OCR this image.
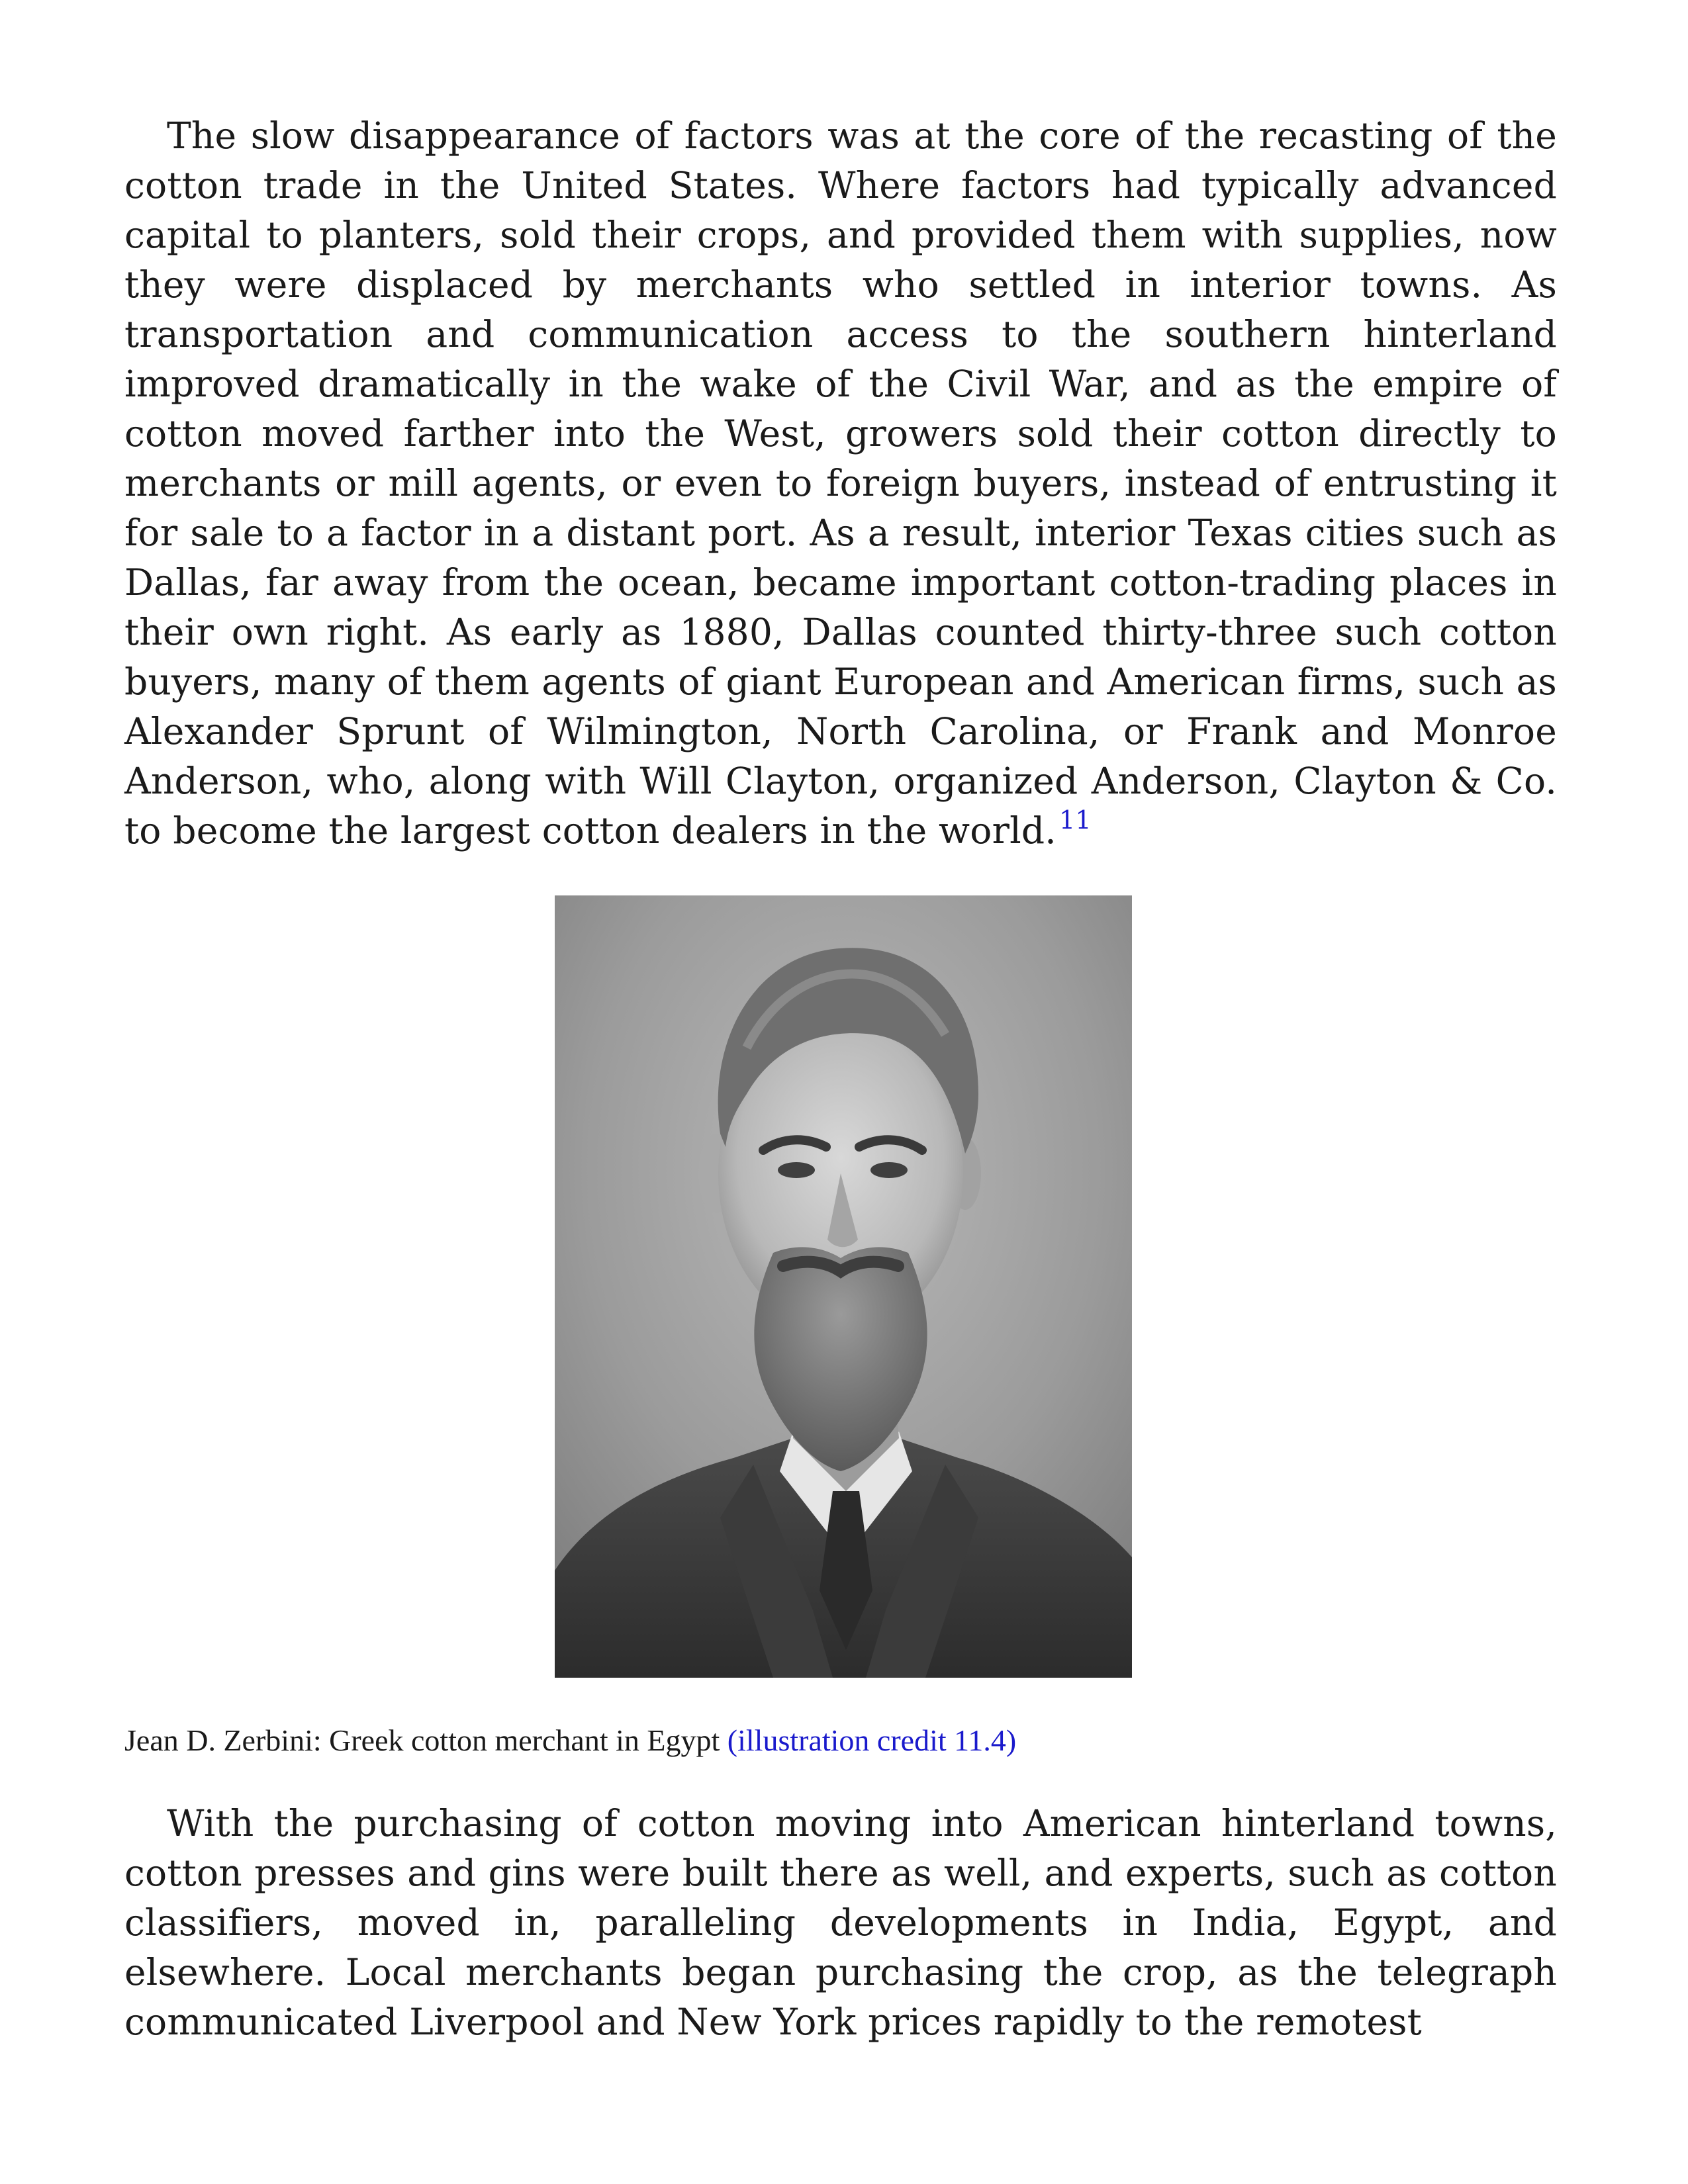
The slow disappearance of factors was at the core of the recasting of the cotton trade in the United States. Where factors had typically advanced capital to planters, sold their crops, and provided them with supplies, now they were displaced by merchants who settled in interior towns. As transportation and communication access to the southern hinterland improved dramatically in the wake of the Civil War, and as the empire of cotton moved farther into the West, growers sold their cotton directly to merchants or mill agents, or even to foreign buyers, instead of entrusting it for sale to a factor in a distant port. As a result, interior Texas cities such as Dallas, far away from the ocean, became important cotton-trading places in their own right. As early as 1880, Dallas counted thirty-three such cotton buyers, many of them agents of giant European and American firms, such as Alexander Sprunt of Wilmington, North Carolina, or Frank and Monroe Anderson, who, along with Will Clayton, organized Anderson, Clayton & Co. to become the largest cotton dealers in the world. $^{11}$

Jean D. Zerbini: Greek cotton merchant in Egypt (illustration credit 11.4)

With the purchasing of cotton moving into American hinterland towns, cotton presses and gins were built there as well, and experts, such as cotton classifiers, moved in, paralleling developments in India, Egypt, and elsewhere. Local merchants began purchasing the crop, as the telegraph communicated Liverpool and New York prices rapidly to the remotest
